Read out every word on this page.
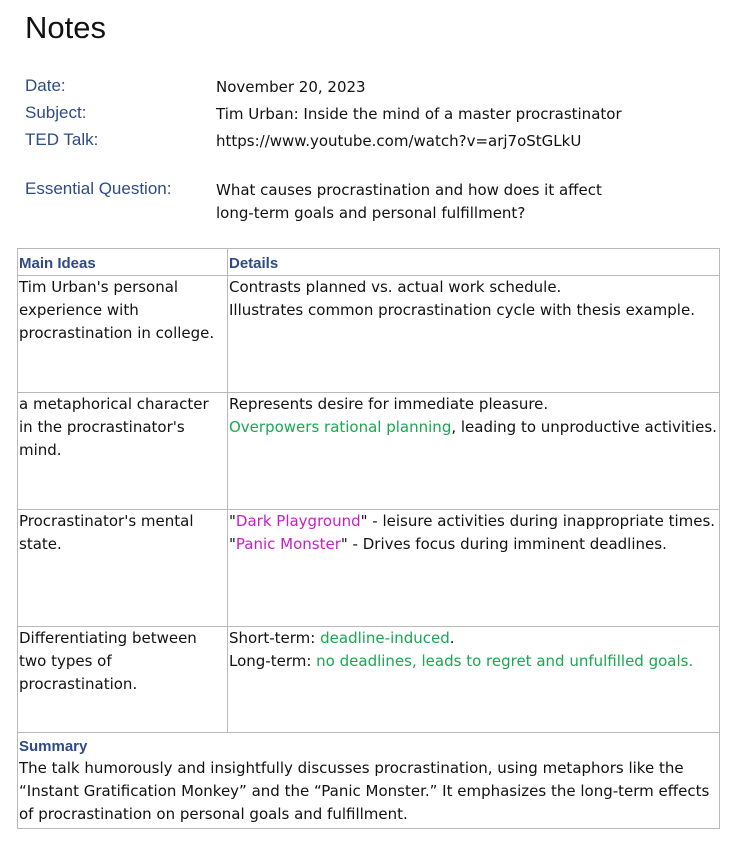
Notes
Date:	November 20, 2023
Subject:	Tim Urban: Inside the mind of a master procrastinator
TED Talk:	https://www.youtube.com/watch?v=arj7oStGLkU
Essential Question:	What causes procrastination and how does it affect
long-term goals and personal fulfillment?
Main Ideas	Details
Tim Urban's personal experience with procrastination in college.	Contrasts planned vs. actual work schedule.
Illustrates common procrastination cycle with thesis example.

a metaphorical character in the procrastinator's mind.	Represents desire for immediate pleasure.
Overpowers rational planning, leading to unproductive activities.

Procrastinator's mental state.	"Dark Playground" - leisure activities during inappropriate times.
"Panic Monster" - Drives focus during imminent deadlines.

Differentiating between two types of procrastination.	Short-term: deadline-induced.
Long-term: no deadlines, leads to regret and unfulfilled goals.

Summary
The talk humorously and insightfully discusses procrastination, using metaphors like the “Instant Gratification Monkey” and the “Panic Monster.” It emphasizes the long-term effects of procrastination on personal goals and fulfillment.	
